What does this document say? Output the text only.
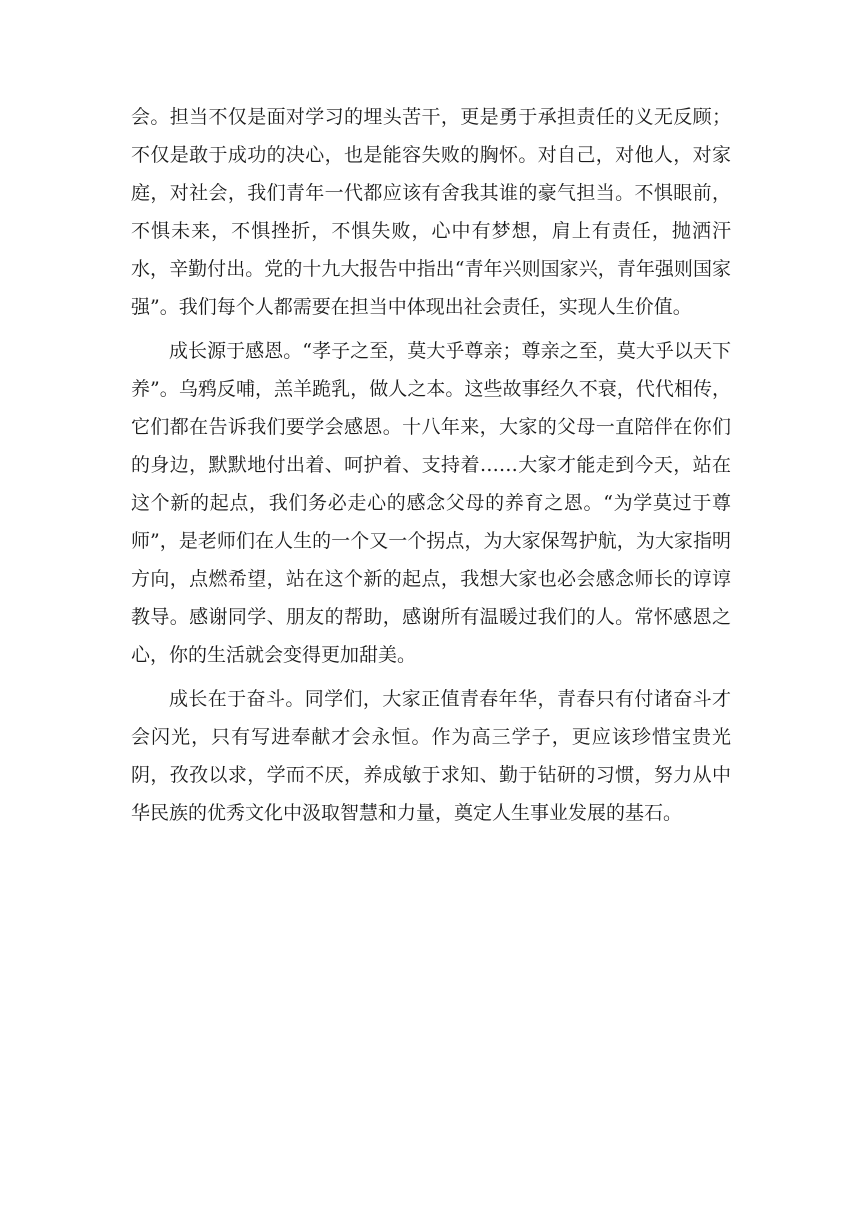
会。担当不仅是面对学习的埋头苦干，更是勇于承担责任的义无反顾；不仅是敢于成功的决心，也是能容失败的胸怀。对自己，对他人，对家庭，对社会，我们青年一代都应该有舍我其谁的豪气担当。不惧眼前，不惧未来，不惧挫折，不惧失败，心中有梦想，肩上有责任，抛洒汗水，辛勤付出。党的十九大报告中指出“青年兴则国家兴，青年强则国家强”。我们每个人都需要在担当中体现出社会责任，实现人生价值。

成长源于感恩。“孝子之至，莫大乎尊亲；尊亲之至，莫大乎以天下养”。乌鸦反哺，羔羊跪乳，做人之本。这些故事经久不衰，代代相传，它们都在告诉我们要学会感恩。十八年来，大家的父母一直陪伴在你们的身边，默默地付出着、呵护着、支持着……大家才能走到今天，站在这个新的起点，我们务必走心的感念父母的养育之恩。“为学莫过于尊师”，是老师们在人生的一个又一个拐点，为大家保驾护航，为大家指明方向，点燃希望，站在这个新的起点，我想大家也必会感念师长的谆谆教导。感谢同学、朋友的帮助，感谢所有温暖过我们的人。常怀感恩之心，你的生活就会变得更加甜美。

成长在于奋斗。同学们，大家正值青春年华，青春只有付诸奋斗才会闪光，只有写进奉献才会永恒。作为高三学子，更应该珍惜宝贵光阴，孜孜以求，学而不厌，养成敏于求知、勤于钻研的习惯，努力从中华民族的优秀文化中汲取智慧和力量，奠定人生事业发展的基石。
